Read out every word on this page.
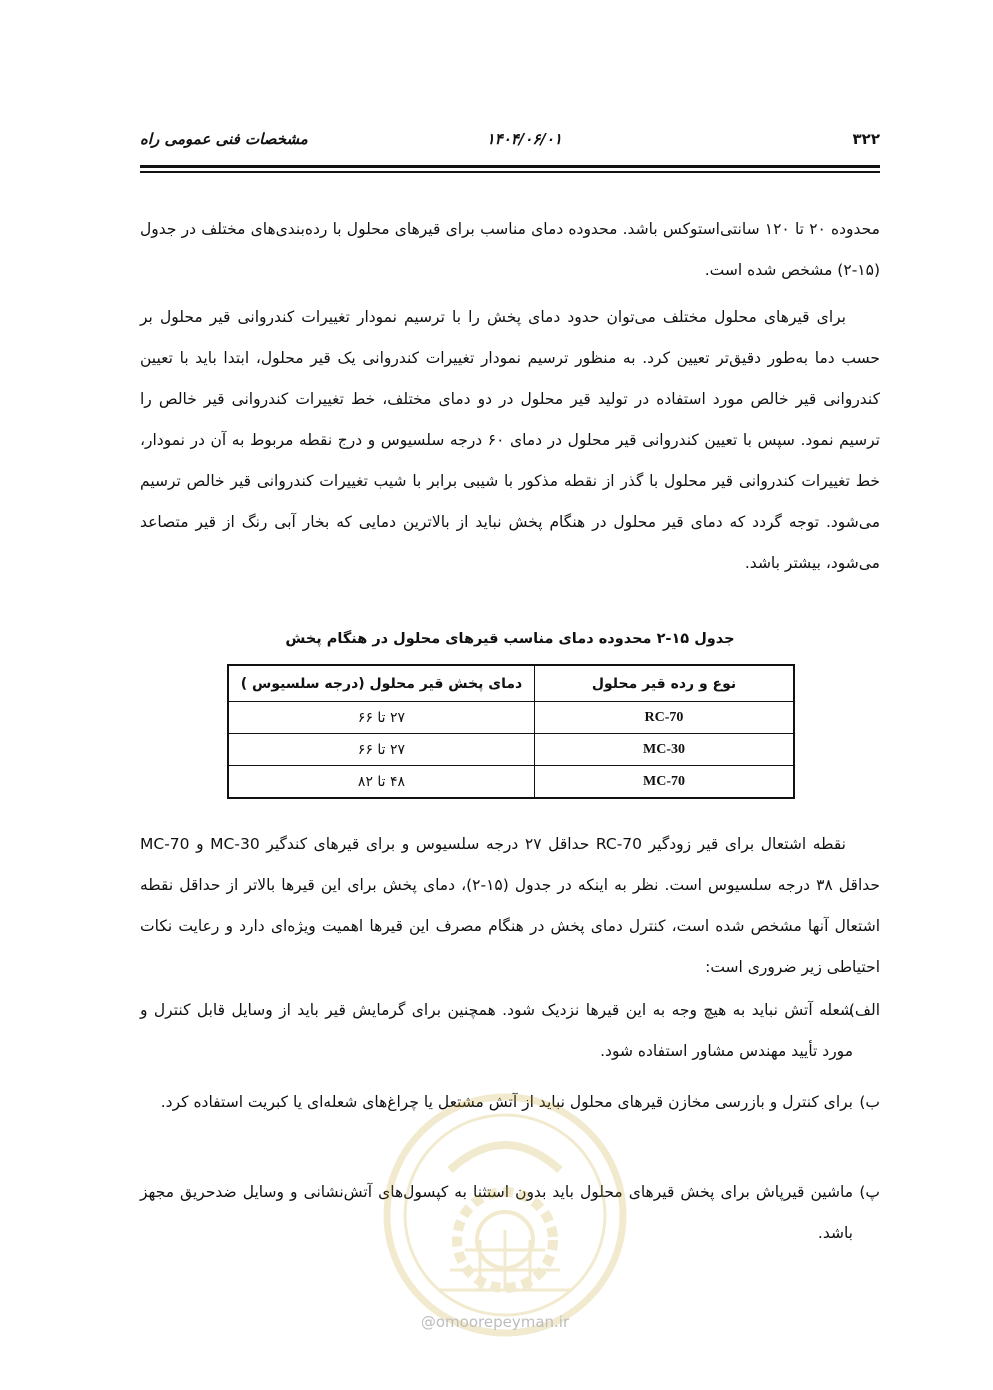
۳۲۲
۱۴۰۴/۰۶/۰۱
مشخصات فنی عمومی راه

محدوده ۲۰ تا ۱۲۰ سانتی‌استوکس باشد. محدوده دمای مناسب برای قیرهای محلول با رده‌بندی‌های مختلف در جدول (۱۵-۲) مشخص شده است.

برای قیرهای محلول مختلف می‌توان حدود دمای پخش را با ترسیم نمودار تغییرات کندروانی قیر محلول بر حسب دما به‌طور دقیق‌تر تعیین کرد. به منظور ترسیم نمودار تغییرات کندروانی یک قیر محلول، ابتدا باید با تعیین کندروانی قیر خالص مورد استفاده در تولید قیر محلول در دو دمای مختلف، خط تغییرات کندروانی قیر خالص را ترسیم نمود. سپس با تعیین کندروانی قیر محلول در دمای ۶۰ درجه سلسیوس و درج نقطه مربوط به آن در نمودار، خط تغییرات کندروانی قیر محلول با گذر از نقطه مذکور با شیبی برابر با شیب تغییرات کندروانی قیر خالص ترسیم می‌شود. توجه گردد که دمای قیر محلول در هنگام پخش نباید از بالاترین دمایی که بخار آبی رنگ از قیر متصاعد می‌شود، بیشتر باشد.

جدول ۱۵-۲ محدوده دمای مناسب قیرهای محلول در هنگام پخش
نوع و رده قیر محلول	دمای پخش قیر محلول (درجه سلسیوس )
RC-70	۲۷ تا ۶۶
MC-30	۲۷ تا ۶۶
MC-70	۴۸ تا ۸۲

نقطه اشتعال برای قیر زودگیر RC-70 حداقل ۲۷ درجه سلسیوس و برای قیرهای کندگیر MC-30 و MC-70 حداقل ۳۸ درجه سلسیوس است. نظر به اینکه در جدول (۱۵-۲)، دمای پخش برای این قیرها بالاتر از حداقل نقطه اشتعال آنها مشخص شده است، کنترل دمای پخش در هنگام مصرف این قیرها اهمیت ویژه‌ای دارد و رعایت نکات احتیاطی زیر ضروری است:

الف)
شعله آتش نباید به هیچ وجه به این قیرها نزدیک شود. همچنین برای گرمایش قیر باید از وسایل قابل کنترل و مورد تأیید مهندس مشاور استفاده شود.
ب)
برای کنترل و بازرسی مخازن قیرهای محلول نباید از آتش مشتعل یا چراغ‌های شعله‌ای یا کبریت استفاده کرد.
پ)
ماشین قیرپاش برای پخش قیرهای محلول باید بدون استثنا به کپسول‌های آتش‌نشانی و وسایل ضدحریق مجهز باشد.
@omoorepeyman.ir
